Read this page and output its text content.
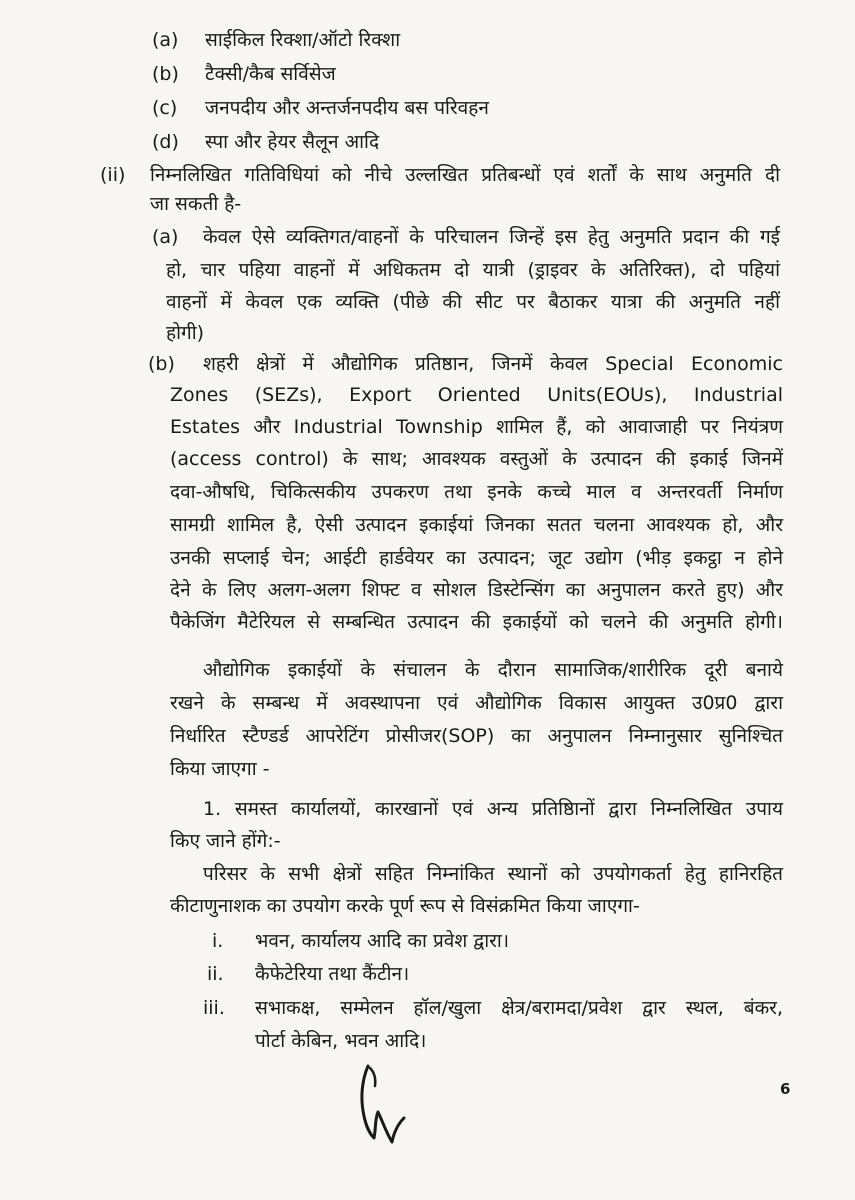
(a) साईकिल रिक्शा/ऑटो रिक्शा
(b) टैक्सी/कैब सर्विसेज
(c) जनपदीय और अन्तर्जनपदीय बस परिवहन
(d) स्पा और हेयर सैलून आदि
(ii) निम्नलिखित गतिविधियां को नीचे उल्लखित प्रतिबन्धों एवं शर्तों के साथ अनुमति दी
जा सकती है-
(a) केवल ऐसे व्यक्तिगत/वाहनों के परिचालन जिन्हें इस हेतु अनुमति प्रदान की गई
हो, चार पहिया वाहनों में अधिकतम दो यात्री (ड्राइवर के अतिरिक्त), दो पहियां
वाहनों में केवल एक व्यक्ति (पीछे की सीट पर बैठाकर यात्रा की अनुमति नहीं
होगी)
(b) शहरी क्षेत्रों में औद्योगिक प्रतिष्ठान, जिनमें केवल Special Economic
Zones (SEZs), Export Oriented Units(EOUs), Industrial
Estates और Industrial Township शामिल हैं, को आवाजाही पर नियंत्रण
(access control) के साथ; आवश्यक वस्तुओं के उत्पादन की इकाई जिनमें
दवा-औषधि, चिकित्सकीय उपकरण तथा इनके कच्चे माल व अन्तरवर्ती निर्माण
सामग्री शामिल है, ऐसी उत्पादन इकाईयां जिनका सतत चलना आवश्यक हो, और
उनकी सप्लाई चेन; आईटी हार्डवेयर का उत्पादन; जूट उद्योग (भीड़ इकट्ठा न होने
देने के लिए अलग-अलग शिफ्ट व सोशल डिस्टेन्सिंग का अनुपालन करते हुए) और
पैकेजिंग मैटेरियल से सम्बन्धित उत्पादन की इकाईयों को चलने की अनुमति होगी।
औद्योगिक इकाईयों के संचालन के दौरान सामाजिक/शारीरिक दूरी बनाये
रखने के सम्बन्ध में अवस्थापना एवं औद्योगिक विकास आयुक्त उ0प्र0 द्वारा
निर्धारित स्टैण्डर्ड आपरेटिंग प्रोसीजर(SOP) का अनुपालन निम्नानुसार सुनिश्चित
किया जाएगा -
1. समस्त कार्यालयों, कारखानों एवं अन्य प्रतिष्ठिानों द्वारा निम्नलिखित उपाय
किए जाने होंगे:-
परिसर के सभी क्षेत्रों सहित निम्नांकित स्थानों को उपयोगकर्ता हेतु हानिरहित
कीटाणुनाशक का उपयोग करके पूर्ण रूप से विसंक्रमित किया जाएगा-
i. भवन, कार्यालय आदि का प्रवेश द्वारा।
ii. कैफेटेरिया तथा कैंटीन।
iii. सभाकक्ष, सम्मेलन हॉल/खुला क्षेत्र/बरामदा/प्रवेश द्वार स्थल, बंकर,
पोर्टा केबिन, भवन आदि।
6
